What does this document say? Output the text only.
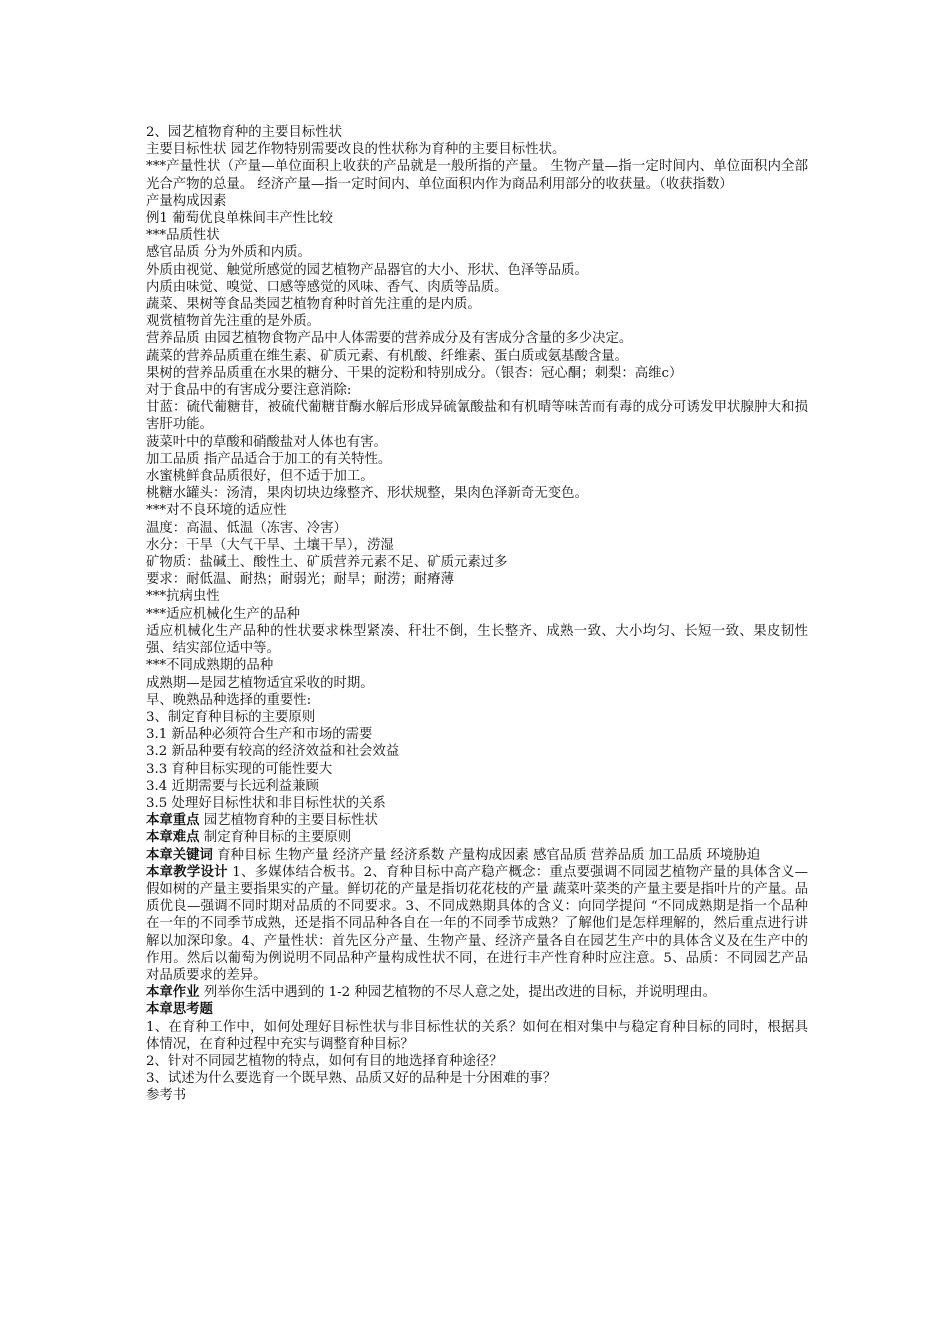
2、园艺植物育种的主要目标性状

主要目标性状 园艺作物特别需要改良的性状称为育种的主要目标性状。

***产量性状（产量—单位面积上收获的产品就是一般所指的产量。 生物产量—指一定时间内、单位面积内全部光合产物的总量。 经济产量—指一定时间内、单位面积内作为商品利用部分的收获量。（收获指数）

产量构成因素

例1 葡萄优良单株间丰产性比较

***品质性状

感官品质 分为外质和内质。

外质由视觉、触觉所感觉的园艺植物产品器官的大小、形状、色泽等品质。

内质由味觉、嗅觉、口感等感觉的风味、香气、肉质等品质。

蔬菜、果树等食品类园艺植物育种时首先注重的是内质。

观赏植物首先注重的是外质。

营养品质 由园艺植物食物产品中人体需要的营养成分及有害成分含量的多少决定。

蔬菜的营养品质重在维生素、矿质元素、有机酸、纤维素、蛋白质或氨基酸含量。

果树的营养品质重在水果的糖分、干果的淀粉和特别成分。（银杏：冠心酮；刺梨：高维c）

对于食品中的有害成分要注意消除:

甘蓝：硫代葡糖苷，被硫代葡糖苷酶水解后形成异硫氰酸盐和有机晴等味苦而有毒的成分可诱发甲状腺肿大和损害肝功能。

菠菜叶中的草酸和硝酸盐对人体也有害。

加工品质 指产品适合于加工的有关特性。

水蜜桃鲜食品质很好，但不适于加工。

桃糖水罐头：汤清，果肉切块边缘整齐、形状规整，果肉色泽新奇无变色。

***对不良环境的适应性

温度：高温、低温（冻害、冷害）

水分：干旱（大气干旱、土壤干旱），涝湿

矿物质：盐碱土、酸性土、矿质营养元素不足、矿质元素过多

要求：耐低温、耐热；耐弱光；耐旱；耐涝；耐瘠薄

***抗病虫性

***适应机械化生产的品种

适应机械化生产品种的性状要求株型紧凑、秆壮不倒，生长整齐、成熟一致、大小均匀、长短一致、果皮韧性强、结实部位适中等。

***不同成熟期的品种

成熟期—是园艺植物适宜采收的时期。

早、晚熟品种选择的重要性:

3、制定育种目标的主要原则

3.1 新品种必须符合生产和市场的需要

3.2 新品种要有较高的经济效益和社会效益

3.3 育种目标实现的可能性要大

3.4 近期需要与长远利益兼顾

3.5 处理好目标性状和非目标性状的关系

本章重点 园艺植物育种的主要目标性状

本章难点 制定育种目标的主要原则

本章关键词 育种目标 生物产量 经济产量 经济系数 产量构成因素 感官品质 营养品质 加工品质 环境胁迫

本章教学设计 1、多媒体结合板书。2、育种目标中高产稳产概念：重点要强调不同园艺植物产量的具体含义—假如树的产量主要指果实的产量。鲜切花的产量是指切花花枝的产量 蔬菜叶菜类的产量主要是指叶片的产量。品质优良—强调不同时期对品质的不同要求。3、不同成熟期具体的含义：向同学提问 “不同成熟期是指一个品种在一年的不同季节成熟，还是指不同品种各自在一年的不同季节成熟？了解他们是怎样理解的，然后重点进行讲解以加深印象。4、产量性状：首先区分产量、生物产量、经济产量各自在园艺生产中的具体含义及在生产中的作用。然后以葡萄为例说明不同品种产量构成性状不同，在进行丰产性育种时应注意。5、品质：不同园艺产品对品质要求的差异。

本章作业 列举你生活中遇到的 1-2 种园艺植物的不尽人意之处，提出改进的目标，并说明理由。

本章思考题

1、在育种工作中，如何处理好目标性状与非目标性状的关系？如何在相对集中与稳定育种目标的同时，根据具体情况，在育种过程中充实与调整育种目标？

2、针对不同园艺植物的特点，如何有目的地选择育种途径？

3、试述为什么要选育一个既早熟、品质又好的品种是十分困难的事？

参考书
